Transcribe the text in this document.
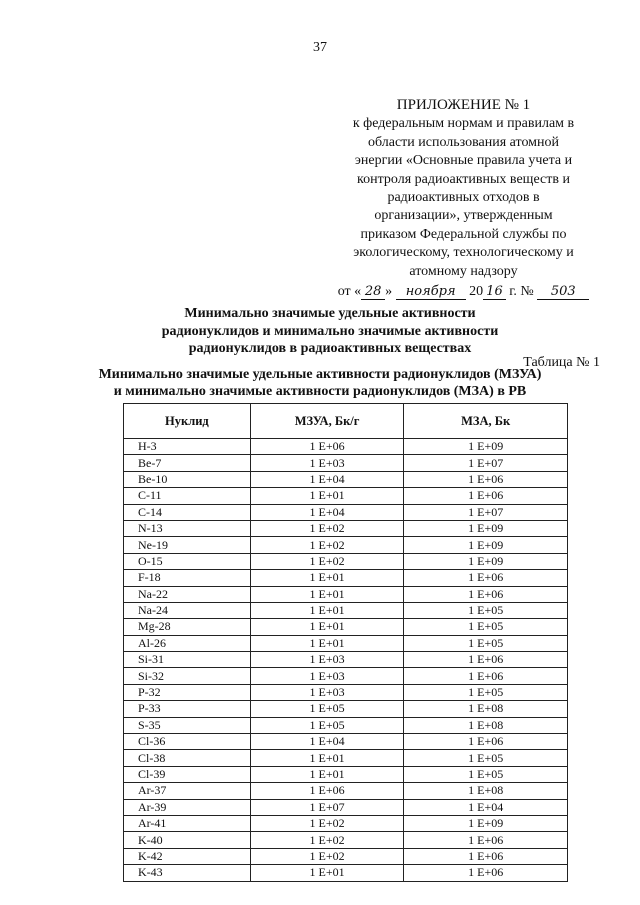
37
ПРИЛОЖЕНИЕ № 1
к федеральным нормам и правилам в
области использования атомной
энергии «Основные правила учета и
контроля радиоактивных веществ и
радиоактивных отходов в
организации», утвержденным
приказом Федеральной службы по
экологическому, технологическому и
атомному надзору
от « 28 » ноября 20 16 г. № 503
Минимально значимые удельные активности
радионуклидов и минимально значимые активности
радионуклидов в радиоактивных веществах
Таблица № 1
Минимально значимые удельные активности радионуклидов (МЗУА)
и минимально значимые активности радионуклидов (МЗА) в РВ
Нуклид	МЗУА, Бк/г	МЗА, Бк
H-3	1 E+06	1 E+09
Be-7	1 E+03	1 E+07
Be-10	1 E+04	1 E+06
C-11	1 E+01	1 E+06
C-14	1 E+04	1 E+07
N-13	1 E+02	1 E+09
Ne-19	1 E+02	1 E+09
O-15	1 E+02	1 E+09
F-18	1 E+01	1 E+06
Na-22	1 E+01	1 E+06
Na-24	1 E+01	1 E+05
Mg-28	1 E+01	1 E+05
Al-26	1 E+01	1 E+05
Si-31	1 E+03	1 E+06
Si-32	1 E+03	1 E+06
P-32	1 E+03	1 E+05
P-33	1 E+05	1 E+08
S-35	1 E+05	1 E+08
Cl-36	1 E+04	1 E+06
Cl-38	1 E+01	1 E+05
Cl-39	1 E+01	1 E+05
Ar-37	1 E+06	1 E+08
Ar-39	1 E+07	1 E+04
Ar-41	1 E+02	1 E+09
K-40	1 E+02	1 E+06
K-42	1 E+02	1 E+06
K-43	1 E+01	1 E+06
